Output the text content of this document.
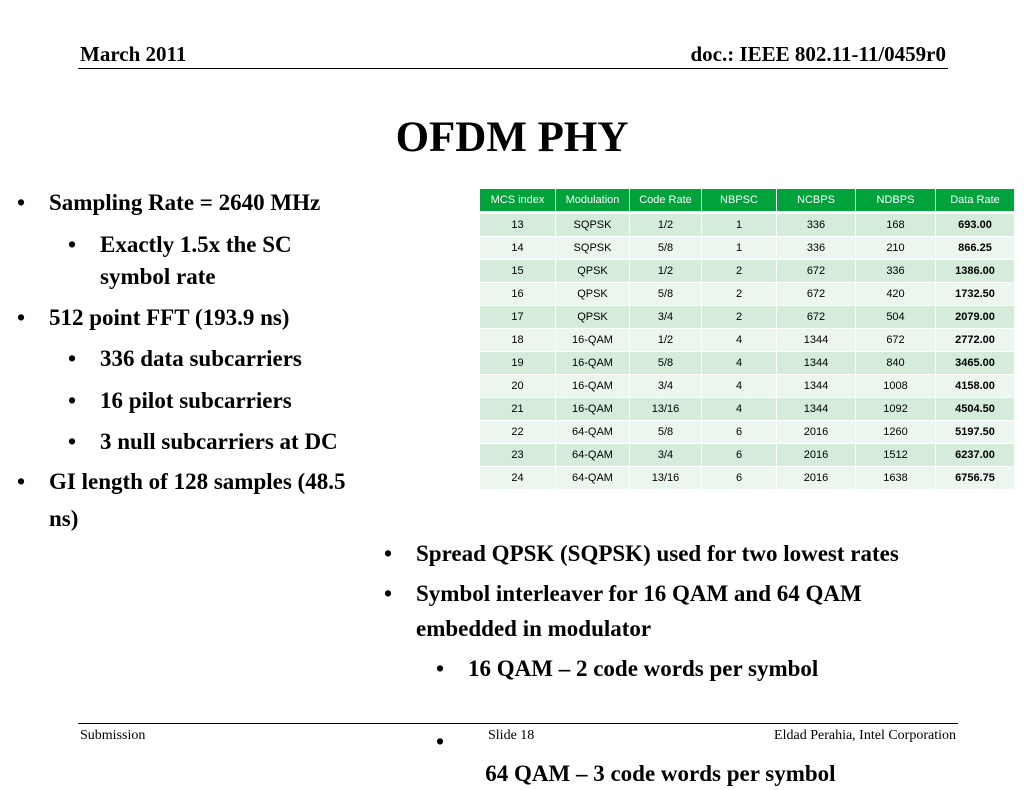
March 2011	doc.: IEEE 802.11-11/0459r0
OFDM PHY
• Sampling Rate = 2640 MHz
• Exactly 1.5x the SC
symbol rate
• 512 point FFT (193.9 ns)
• 336 data subcarriers
• 16 pilot subcarriers
• 3 null subcarriers at DC
• GI length of 128 samples (48.5
ns)
MCS index	Modulation	Code Rate	NBPSC	NCBPS	NDBPS	Data Rate
13	SQPSK	1/2	1	336	168	693.00
14	SQPSK	5/8	1	336	210	866.25
15	QPSK	1/2	2	672	336	1386.00
16	QPSK	5/8	2	672	420	1732.50
17	QPSK	3/4	2	672	504	2079.00
18	16-QAM	1/2	4	1344	672	2772.00
19	16-QAM	5/8	4	1344	840	3465.00
20	16-QAM	3/4	4	1344	1008	4158.00
21	16-QAM	13/16	4	1344	1092	4504.50
22	64-QAM	5/8	6	2016	1260	5197.50
23	64-QAM	3/4	6	2016	1512	6237.00
24	64-QAM	13/16	6	2016	1638	6756.75
• Spread QPSK (SQPSK) used for two lowest rates
• Symbol interleaver for 16 QAM and 64 QAM
embedded in modulator
• 16 QAM – 2 code words per symbol

•

64 QAM – 3 code words per symbol

Submission	Slide 18	Eldad Perahia, Intel Corporation
